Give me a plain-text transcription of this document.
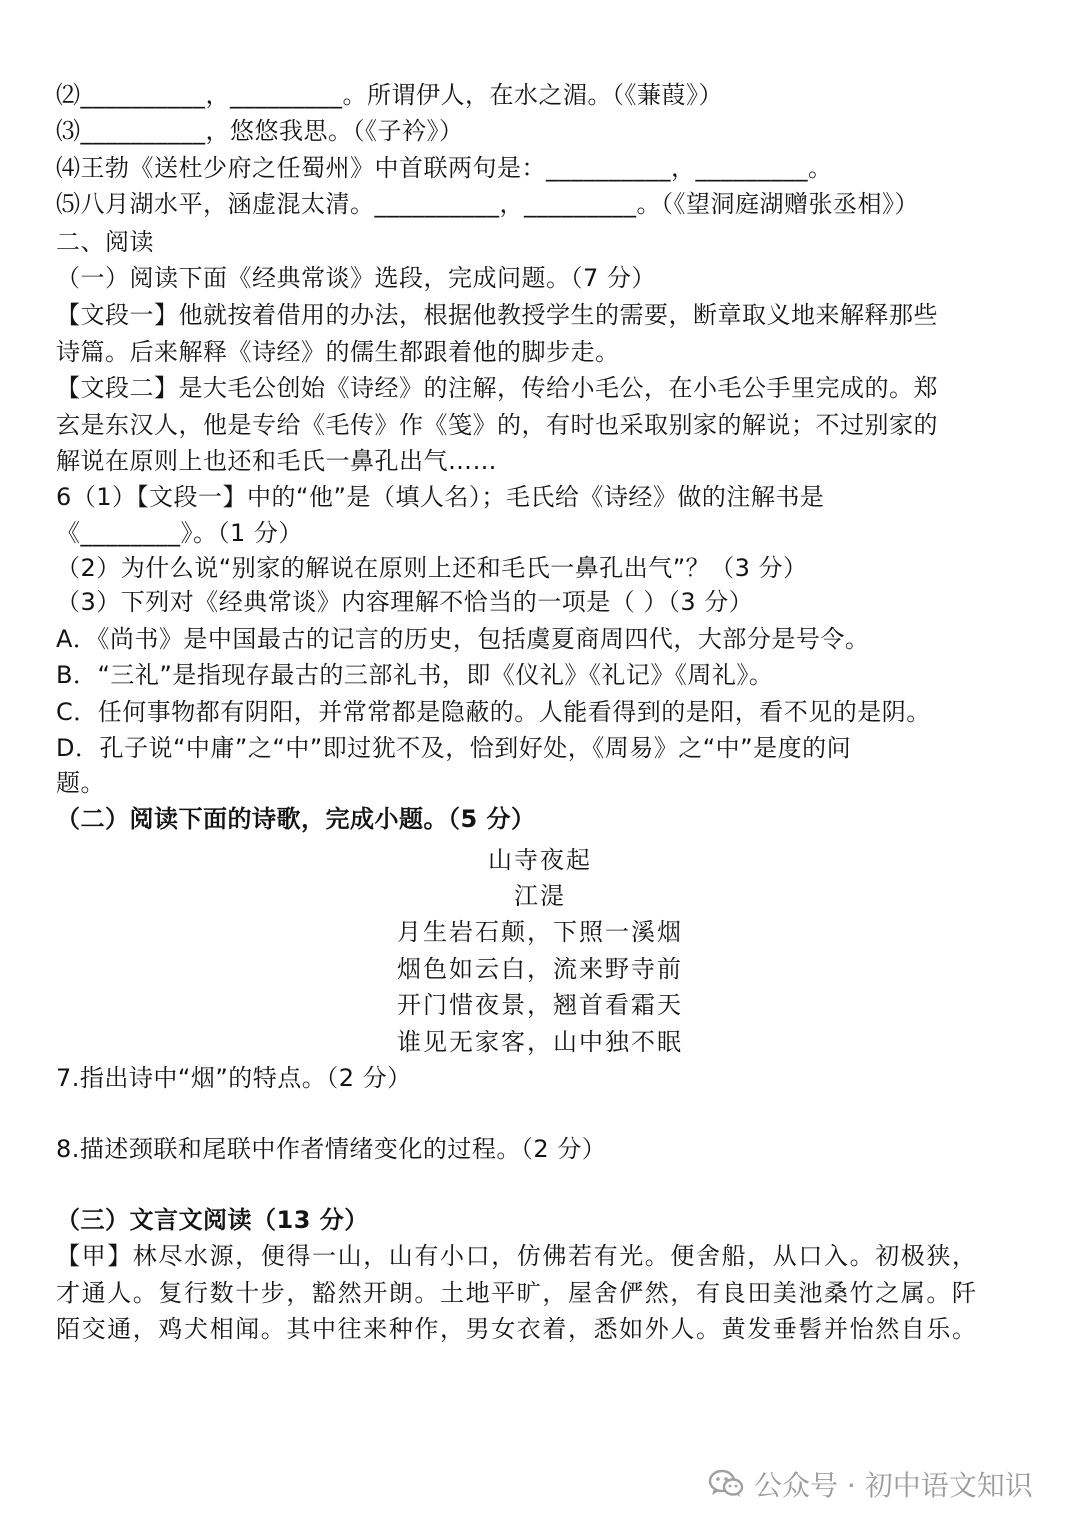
⑵__________，_________。所谓伊人，在水之湄。（《蒹葭》）
⑶__________，悠悠我思。（《子衿》）
⑷王勃《送杜少府之任蜀州》中首联两句是：__________，_________。
⑸八月湖水平，涵虚混太清。__________，_________。（《望洞庭湖赠张丞相》）
二、阅读
（一）阅读下面《经典常谈》选段，完成问题。（7 分）
【文段一】他就按着借用的办法，根据他教授学生的需要，断章取义地来解释那些
诗篇。后来解释《诗经》的儒生都跟着他的脚步走。
【文段二】是大毛公创始《诗经》的注解，传给小毛公，在小毛公手里完成的。郑
玄是东汉人，他是专给《毛传》作《笺》的，有时也采取别家的解说；不过别家的
解说在原则上也还和毛氏一鼻孔出气……
6（1）【文段一】中的“他”是（填人名）；毛氏给《诗经》做的注解书是
《________》。（1 分）
（2）为什么说“别家的解说在原则上还和毛氏一鼻孔出气”？（3 分）
（3）下列对《经典常谈》内容理解不恰当的一项是（ ）（3 分）
A．《尚书》是中国最古的记言的历史，包括虞夏商周四代，大部分是号令。
B．“三礼”是指现存最古的三部礼书，即《仪礼》《礼记》《周礼》。
C．任何事物都有阴阳，并常常都是隐蔽的。人能看得到的是阳，看不见的是阴。
D．孔子说“中庸”之“中”即过犹不及，恰到好处，《周易》之“中”是度的问
题。
（二）阅读下面的诗歌，完成小题。（5 分）
山寺夜起
江湜
月生岩石颠，下照一溪烟
烟色如云白，流来野寺前
开门惜夜景，翘首看霜天
谁见无家客，山中独不眠
7.指出诗中“烟”的特点。（2 分）
8.描述颈联和尾联中作者情绪变化的过程。（2 分）
（三）文言文阅读（13 分）
【甲】林尽水源，便得一山，山有小口，仿佛若有光。便舍船，从口入。初极狭，
才通人。复行数十步，豁然开朗。土地平旷，屋舍俨然，有良田美池桑竹之属。阡
陌交通，鸡犬相闻。其中往来种作，男女衣着，悉如外人。黄发垂髫并怡然自乐。
公众号 · 初中语文知识
